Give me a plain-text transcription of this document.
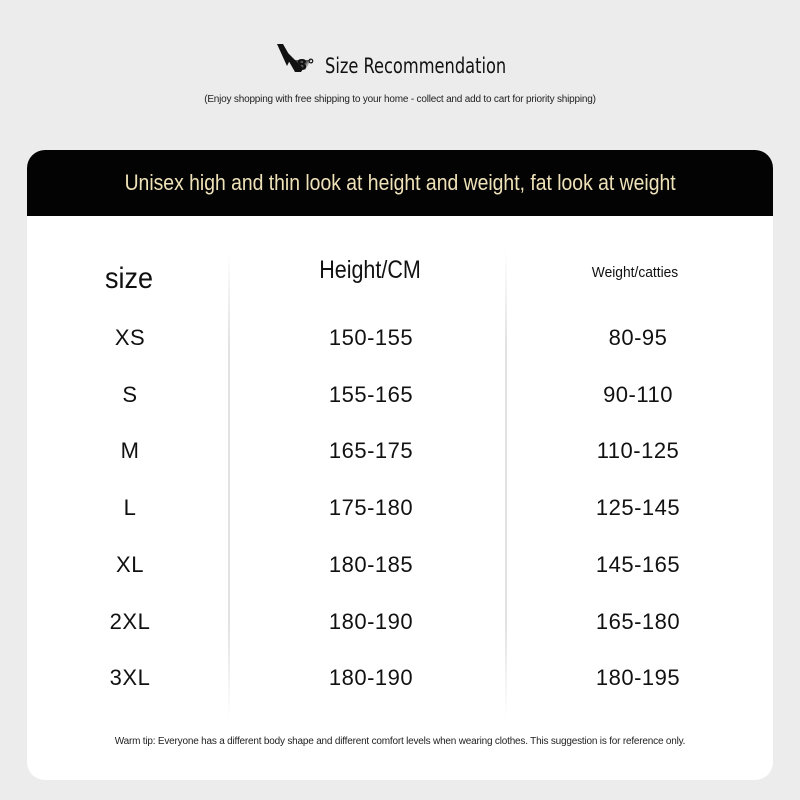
8° Size Recommendation
(Enjoy shopping with free shipping to your home - collect and add to cart for priority shipping)
Unisex high and thin look at height and weight, fat look at weight
size	Height/CM	Weight/catties
XS	150-155	80-95
S	155-165	90-110
M	165-175	110-125
L	175-180	125-145
XL	180-185	145-165
2XL	180-190	165-180
3XL	180-190	180-195
Warm tip: Everyone has a different body shape and different comfort levels when wearing clothes. This suggestion is for reference only.
